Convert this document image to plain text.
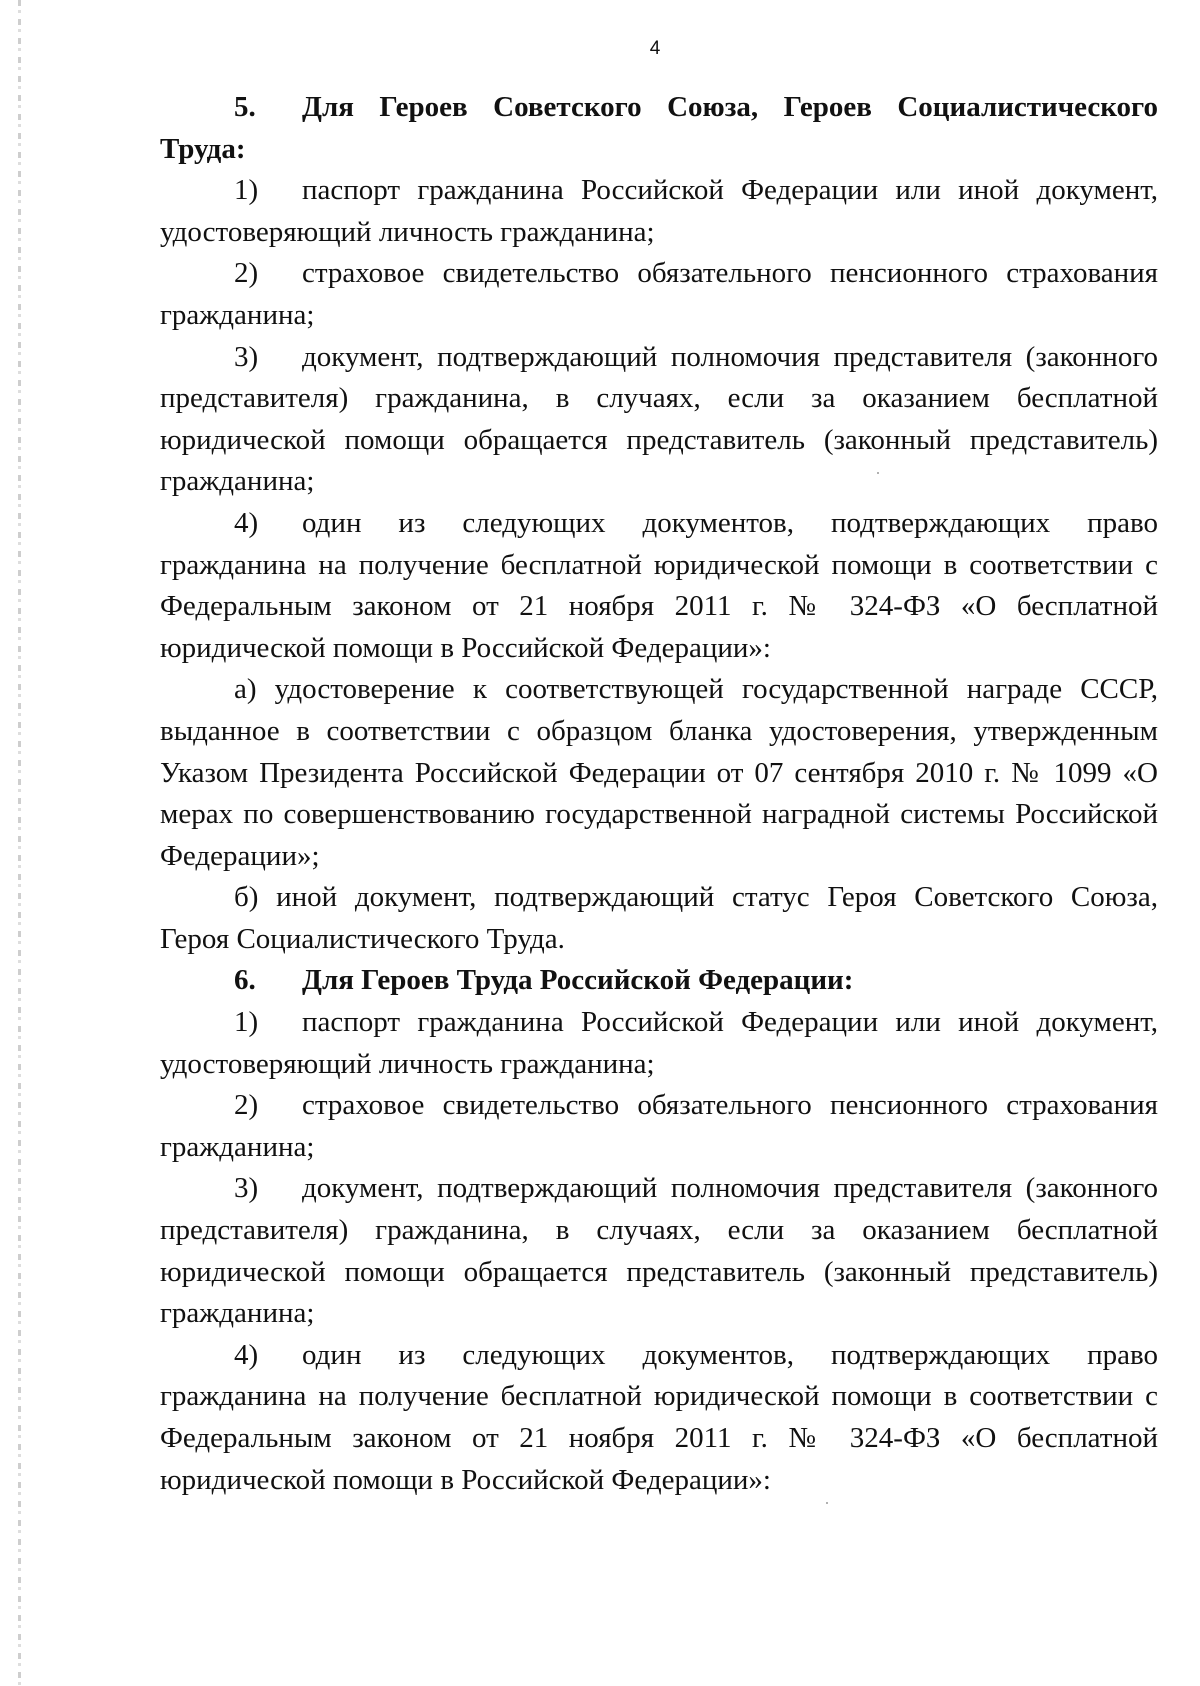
4

5. Для Героев Советского Союза, Героев Социалистического Труда:

1) паспорт гражданина Российской Федерации или иной документ, удостоверяющий личность гражданина;

2) страховое свидетельство обязательного пенсионного страхования гражданина;

3) документ, подтверждающий полномочия представителя (законного представителя) гражданина, в случаях, если за оказанием бесплатной юридической помощи обращается представитель (законный представитель) гражданина;

4) один из следующих документов, подтверждающих право гражданина на получение бесплатной юридической помощи в соответствии с Федеральным законом от 21 ноября 2011 г. № 324-ФЗ «О бесплатной юридической помощи в Российской Федерации»:

а) удостоверение к соответствующей государственной награде СССР, выданное в соответствии с образцом бланка удостоверения, утвержденным Указом Президента Российской Федерации от 07 сентября 2010 г. № 1099 «О мерах по совершенствованию государственной наградной системы Российской Федерации»;

б) иной документ, подтверждающий статус Героя Советского Союза, Героя Социалистического Труда.

6. Для Героев Труда Российской Федерации:

1) паспорт гражданина Российской Федерации или иной документ, удостоверяющий личность гражданина;

2) страховое свидетельство обязательного пенсионного страхования гражданина;

3) документ, подтверждающий полномочия представителя (законного представителя) гражданина, в случаях, если за оказанием бесплатной юридической помощи обращается представитель (законный представитель) гражданина;

4) один из следующих документов, подтверждающих право гражданина на получение бесплатной юридической помощи в соответствии с Федеральным законом от 21 ноября 2011 г. № 324-ФЗ «О бесплатной юридической помощи в Российской Федерации»:
